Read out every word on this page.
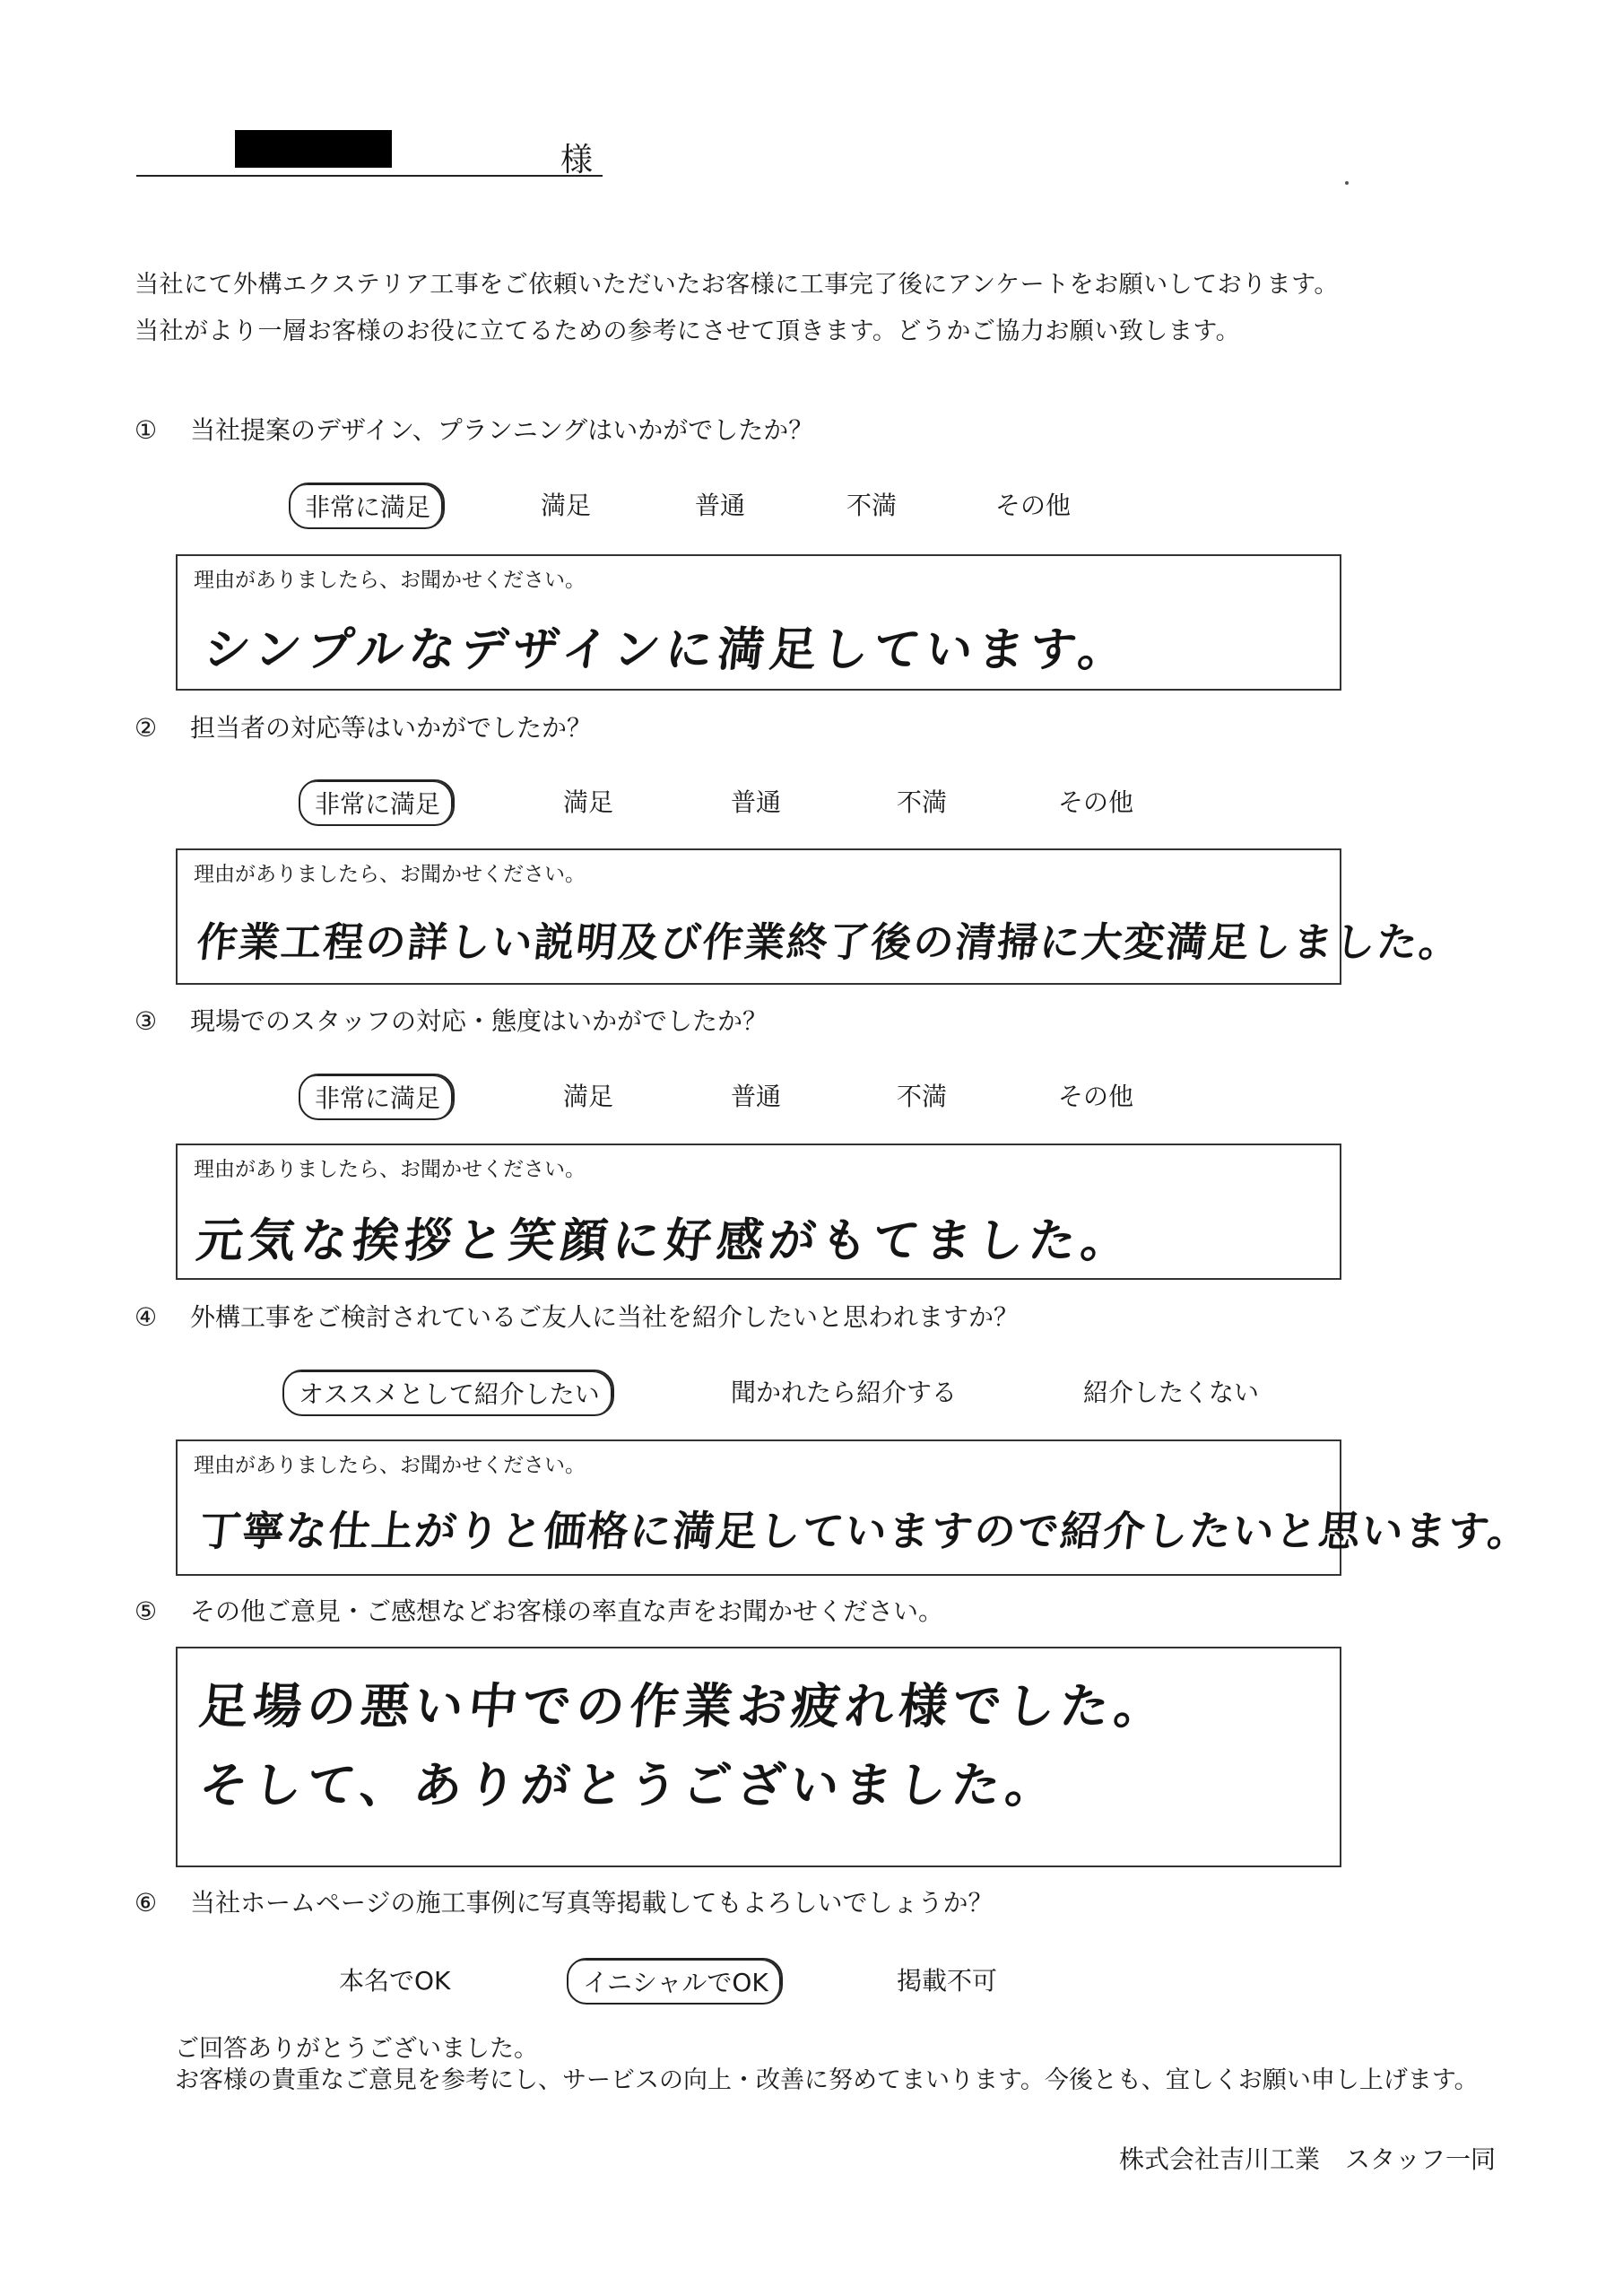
様
当社にて外構エクステリア工事をご依頼いただいたお客様に工事完了後にアンケートをお願いしております。
当社がより一層お客様のお役に立てるための参考にさせて頂きます。どうかご協力お願い致します。
① 当社提案のデザイン、プランニングはいかがでしたか？
非常に満足	満足	普通	不満	その他
理由がありましたら、お聞かせください。
シンプルなデザインに満足しています。
② 担当者の対応等はいかがでしたか？
非常に満足	満足	普通	不満	その他
理由がありましたら、お聞かせください。
作業工程の詳しい説明及び作業終了後の清掃に大変満足しました。
③ 現場でのスタッフの対応・態度はいかがでしたか？
非常に満足	満足	普通	不満	その他
理由がありましたら、お聞かせください。
元気な挨拶と笑顔に好感がもてました。
④ 外構工事をご検討されているご友人に当社を紹介したいと思われますか？
オススメとして紹介したい	聞かれたら紹介する	紹介したくない
理由がありましたら、お聞かせください。
丁寧な仕上がりと価格に満足していますので紹介したいと思います。
⑤ その他ご意見・ご感想などお客様の率直な声をお聞かせください。
足場の悪い中での作業お疲れ様でした。
そして、ありがとうございました。
⑥ 当社ホームページの施工事例に写真等掲載してもよろしいでしょうか？
本名でOK	イニシャルでOK	掲載不可
ご回答ありがとうございました。
お客様の貴重なご意見を参考にし、サービスの向上・改善に努めてまいります。今後とも、宜しくお願い申し上げます。
株式会社吉川工業　スタッフ一同
